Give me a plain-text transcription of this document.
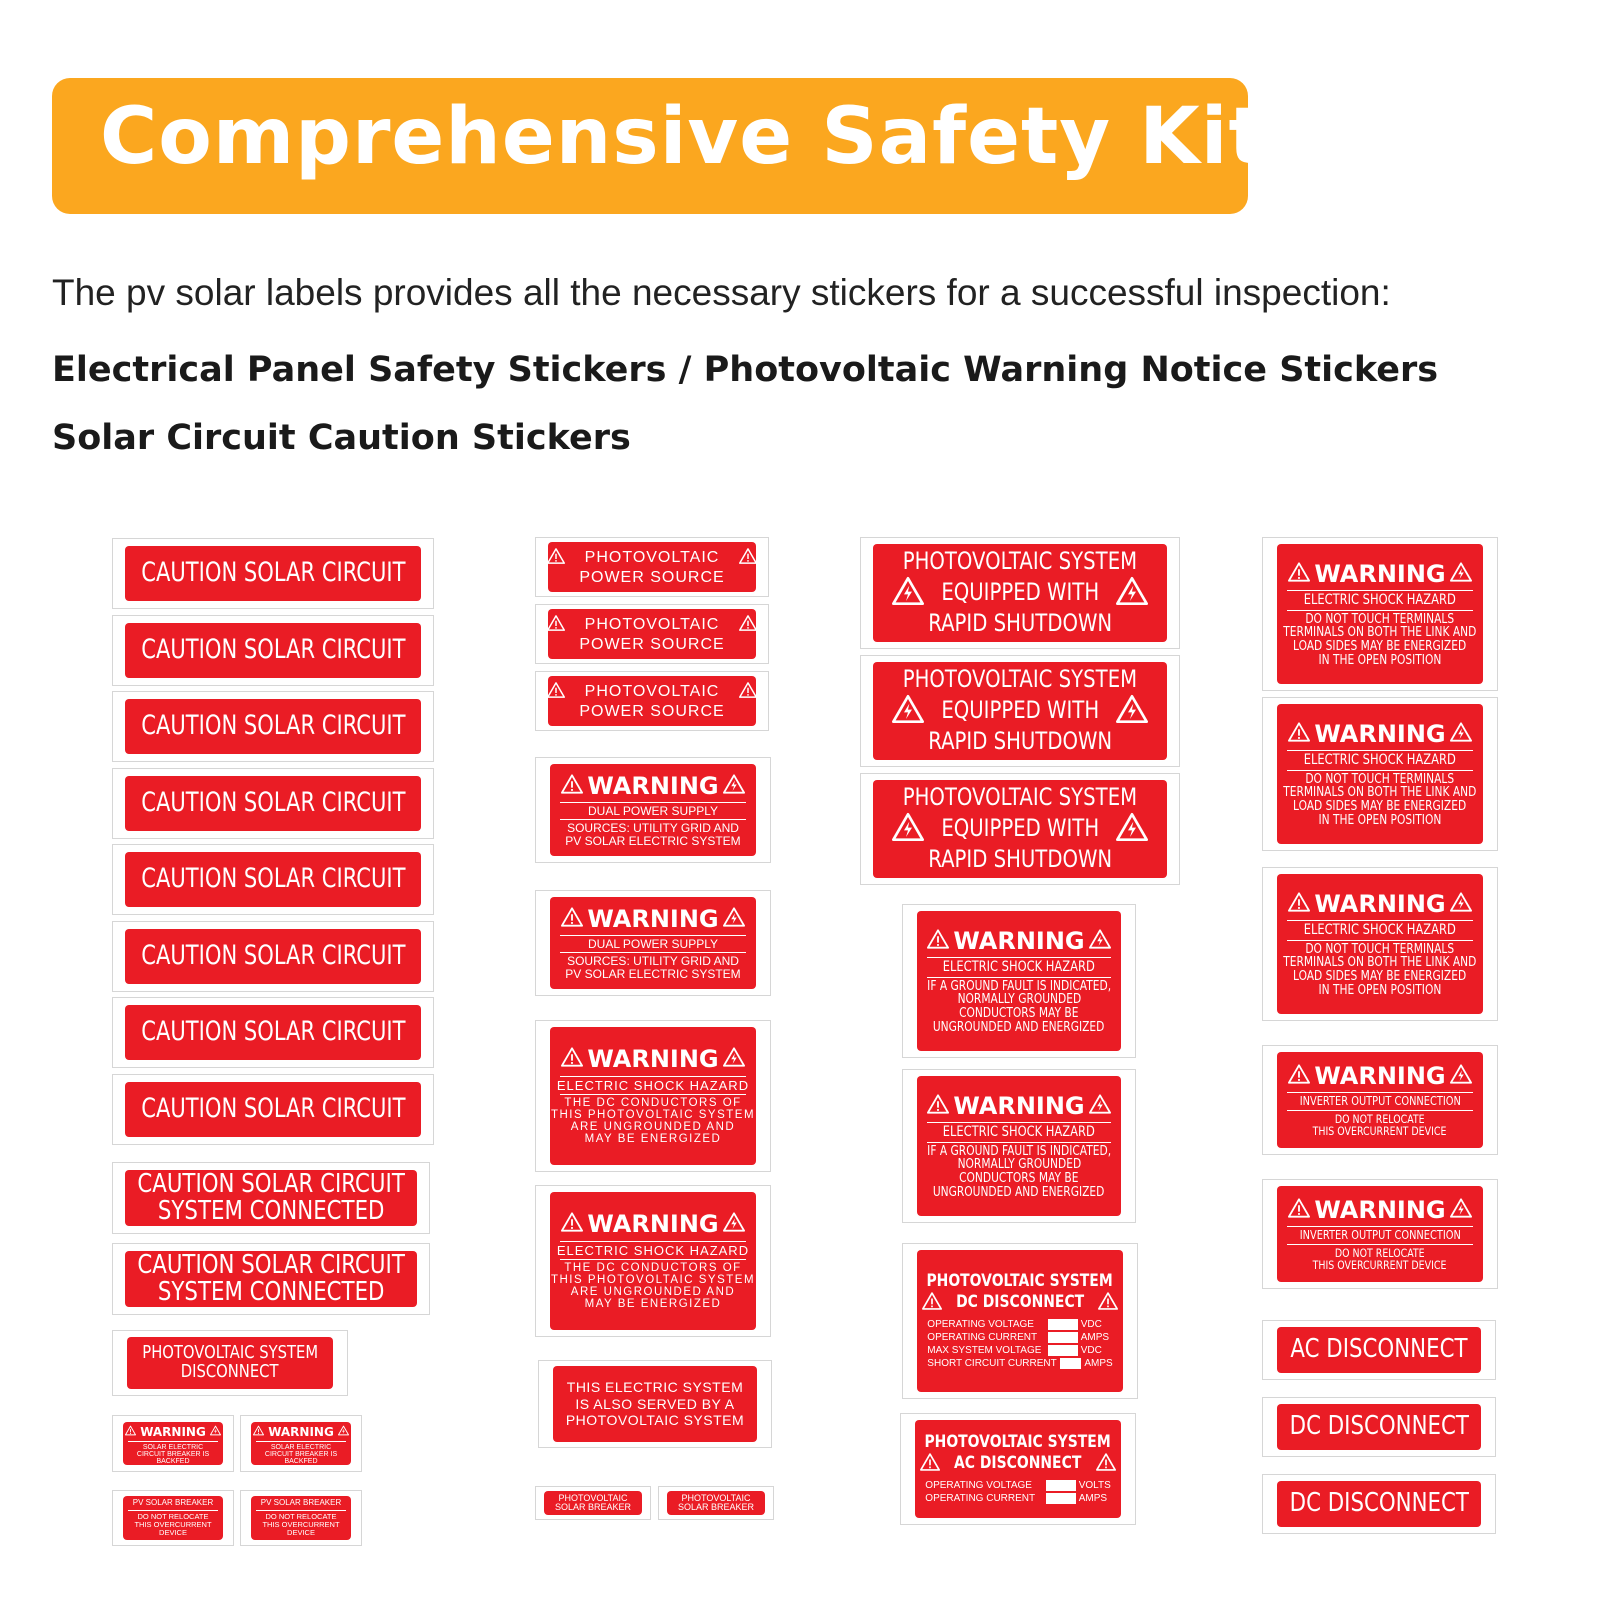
Comprehensive Safety Kit
The pv solar labels provides all the necessary stickers for a successful inspection:
Electrical Panel Safety Stickers / Photovoltaic Warning Notice Stickers
Solar Circuit Caution Stickers
CAUTION SOLAR CIRCUIT
CAUTION SOLAR CIRCUIT
CAUTION SOLAR CIRCUIT
CAUTION SOLAR CIRCUIT
CAUTION SOLAR CIRCUIT
CAUTION SOLAR CIRCUIT
CAUTION SOLAR CIRCUIT
CAUTION SOLAR CIRCUIT
CAUTION SOLAR CIRCUIT
SYSTEM CONNECTED
CAUTION SOLAR CIRCUIT
SYSTEM CONNECTED
PHOTOVOLTAIC SYSTEM
DISCONNECT
WARNING
SOLAR ELECTRIC CIRCUIT BREAKER IS BACKFED
WARNING
SOLAR ELECTRIC CIRCUIT BREAKER IS BACKFED
PV SOLAR BREAKER
DO NOT RELOCATE THIS OVERCURRENT DEVICE
PV SOLAR BREAKER
DO NOT RELOCATE THIS OVERCURRENT DEVICE
PHOTOVOLTAIC
POWER SOURCE
PHOTOVOLTAIC
POWER SOURCE
PHOTOVOLTAIC
POWER SOURCE
WARNING
DUAL POWER SUPPLY
SOURCES: UTILITY GRID AND
PV SOLAR ELECTRIC SYSTEM
WARNING
DUAL POWER SUPPLY
SOURCES: UTILITY GRID AND
PV SOLAR ELECTRIC SYSTEM
WARNING
ELECTRIC SHOCK HAZARD
THE DC CONDUCTORS OF
THIS PHOTOVOLTAIC SYSTEM
ARE UNGROUNDED AND
MAY BE ENERGIZED
WARNING
ELECTRIC SHOCK HAZARD
THE DC CONDUCTORS OF
THIS PHOTOVOLTAIC SYSTEM
ARE UNGROUNDED AND
MAY BE ENERGIZED
THIS ELECTRIC SYSTEM
IS ALSO SERVED BY A
PHOTOVOLTAIC SYSTEM
PHOTOVOLTAIC
SOLAR BREAKER
PHOTOVOLTAIC
SOLAR BREAKER
PHOTOVOLTAIC SYSTEM
EQUIPPED WITH
RAPID SHUTDOWN
PHOTOVOLTAIC SYSTEM
EQUIPPED WITH
RAPID SHUTDOWN
PHOTOVOLTAIC SYSTEM
EQUIPPED WITH
RAPID SHUTDOWN
WARNING
ELECTRIC SHOCK HAZARD
IF A GROUND FAULT IS INDICATED,
NORMALLY GROUNDED
CONDUCTORS MAY BE
UNGROUNDED AND ENERGIZED
WARNING
ELECTRIC SHOCK HAZARD
IF A GROUND FAULT IS INDICATED,
NORMALLY GROUNDED
CONDUCTORS MAY BE
UNGROUNDED AND ENERGIZED
PHOTOVOLTAIC SYSTEM
DC DISCONNECT
OPERATING VOLTAGE	VDC
OPERATING CURRENT	AMPS
MAX SYSTEM VOLTAGE	VDC
SHORT CIRCUIT CURRENT	AMPS
PHOTOVOLTAIC SYSTEM
AC DISCONNECT
OPERATING VOLTAGE	VOLTS
OPERATING CURRENT	AMPS
WARNING
ELECTRIC SHOCK HAZARD
DO NOT TOUCH TERMINALS
TERMINALS ON BOTH THE LINK AND
LOAD SIDES MAY BE ENERGIZED
IN THE OPEN POSITION
WARNING
ELECTRIC SHOCK HAZARD
DO NOT TOUCH TERMINALS
TERMINALS ON BOTH THE LINK AND
LOAD SIDES MAY BE ENERGIZED
IN THE OPEN POSITION
WARNING
ELECTRIC SHOCK HAZARD
DO NOT TOUCH TERMINALS
TERMINALS ON BOTH THE LINK AND
LOAD SIDES MAY BE ENERGIZED
IN THE OPEN POSITION
WARNING
INVERTER OUTPUT CONNECTION
DO NOT RELOCATE
THIS OVERCURRENT DEVICE
WARNING
INVERTER OUTPUT CONNECTION
DO NOT RELOCATE
THIS OVERCURRENT DEVICE
AC DISCONNECT
DC DISCONNECT
DC DISCONNECT
